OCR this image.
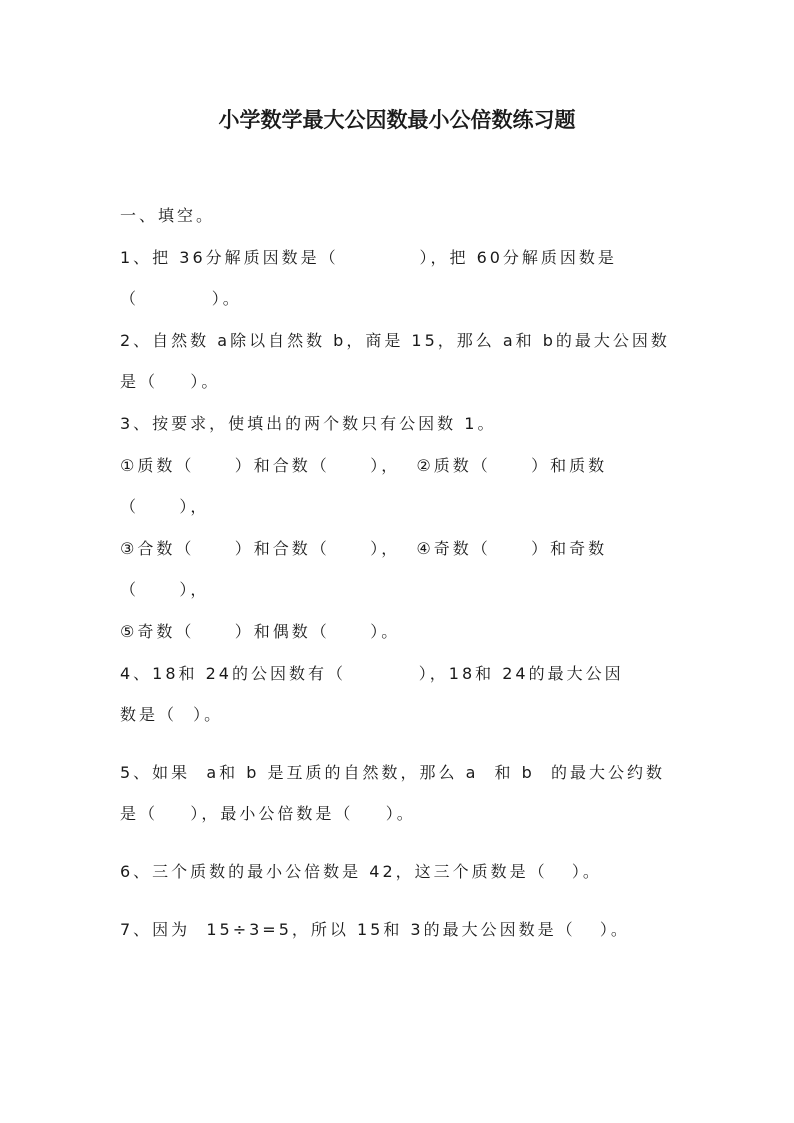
小学数学最大公因数最小公倍数练习题
一、填空。
1、把 36分解质因数是（          ），把 60分解质因数是
（         ）。
2、自然数 a除以自然数 b，商是 15，那么 a和 b的最大公因数
是（    ）。
3、按要求，使填出的两个数只有公因数 1。
①质数（     ）和合数（     ），  ②质数（     ）和质数
（     ），
③合数（     ）和合数（     ），  ④奇数（     ）和奇数
（     ），
⑤奇数（     ）和偶数（     ）。
4、18和 24的公因数有（         ），18和 24的最大公因
数是（  ）。
5、如果  a和 b 是互质的自然数，那么 a  和 b  的最大公约数
是（    ），最小公倍数是（    ）。
6、三个质数的最小公倍数是 42，这三个质数是（   ）。
7、因为  15÷3=5，所以 15和 3的最大公因数是（   ）。
